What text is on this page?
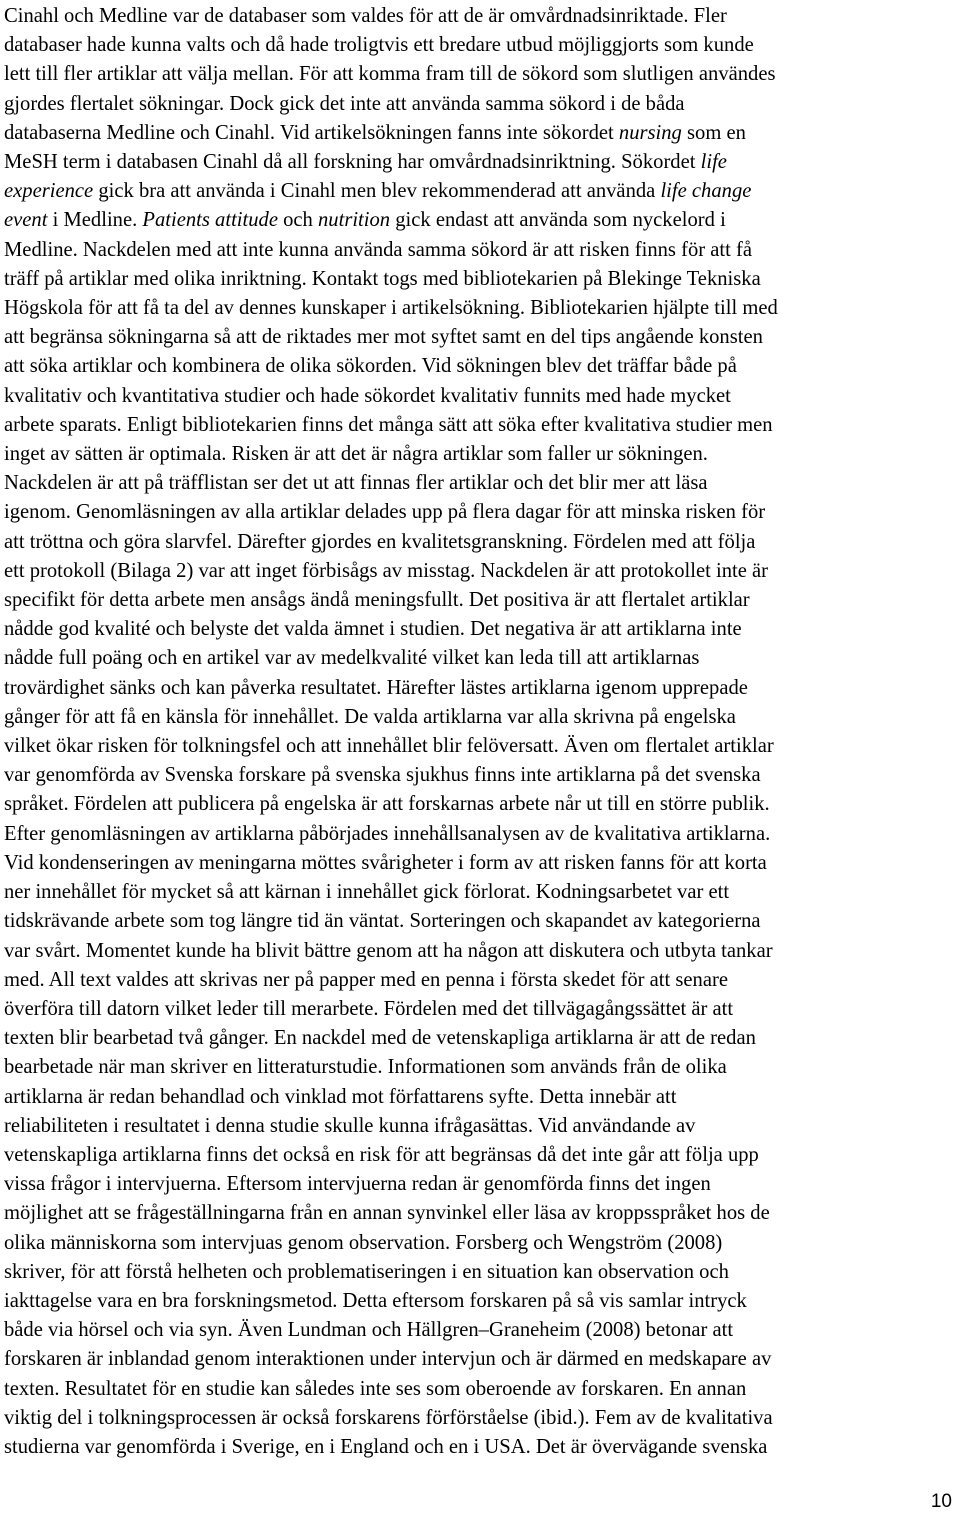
Cinahl och Medline var de databaser som valdes för att de är omvårdnadsinriktade. Fler
databaser hade kunna valts och då hade troligtvis ett bredare utbud möjliggjorts som kunde
lett till fler artiklar att välja mellan. För att komma fram till de sökord som slutligen användes
gjordes flertalet sökningar. Dock gick det inte att använda samma sökord i de båda
databaserna Medline och Cinahl. Vid artikelsökningen fanns inte sökordet nursing som en
MeSH term i databasen Cinahl då all forskning har omvårdnadsinriktning. Sökordet life
experience gick bra att använda i Cinahl men blev rekommenderad att använda life change
event i Medline. Patients attitude och nutrition gick endast att använda som nyckelord i
Medline. Nackdelen med att inte kunna använda samma sökord är att risken finns för att få
träff på artiklar med olika inriktning. Kontakt togs med bibliotekarien på Blekinge Tekniska
Högskola för att få ta del av dennes kunskaper i artikelsökning. Bibliotekarien hjälpte till med
att begränsa sökningarna så att de riktades mer mot syftet samt en del tips angående konsten
att söka artiklar och kombinera de olika sökorden. Vid sökningen blev det träffar både på
kvalitativ och kvantitativa studier och hade sökordet kvalitativ funnits med hade mycket
arbete sparats. Enligt bibliotekarien finns det många sätt att söka efter kvalitativa studier men
inget av sätten är optimala. Risken är att det är några artiklar som faller ur sökningen.
Nackdelen är att på träfflistan ser det ut att finnas fler artiklar och det blir mer att läsa
igenom. Genomläsningen av alla artiklar delades upp på flera dagar för att minska risken för
att tröttna och göra slarvfel. Därefter gjordes en kvalitetsgranskning. Fördelen med att följa
ett protokoll (Bilaga 2) var att inget förbisågs av misstag. Nackdelen är att protokollet inte är
specifikt för detta arbete men ansågs ändå meningsfullt. Det positiva är att flertalet artiklar
nådde god kvalité och belyste det valda ämnet i studien. Det negativa är att artiklarna inte
nådde full poäng och en artikel var av medelkvalité vilket kan leda till att artiklarnas
trovärdighet sänks och kan påverka resultatet. Härefter lästes artiklarna igenom upprepade
gånger för att få en känsla för innehållet. De valda artiklarna var alla skrivna på engelska
vilket ökar risken för tolkningsfel och att innehållet blir felöversatt. Även om flertalet artiklar
var genomförda av Svenska forskare på svenska sjukhus finns inte artiklarna på det svenska
språket. Fördelen att publicera på engelska är att forskarnas arbete når ut till en större publik.
Efter genomläsningen av artiklarna påbörjades innehållsanalysen av de kvalitativa artiklarna.
Vid kondenseringen av meningarna möttes svårigheter i form av att risken fanns för att korta
ner innehållet för mycket så att kärnan i innehållet gick förlorat. Kodningsarbetet var ett
tidskrävande arbete som tog längre tid än väntat. Sorteringen och skapandet av kategorierna
var svårt. Momentet kunde ha blivit bättre genom att ha någon att diskutera och utbyta tankar
med. All text valdes att skrivas ner på papper med en penna i första skedet för att senare
överföra till datorn vilket leder till merarbete. Fördelen med det tillvägagångssättet är att
texten blir bearbetad två gånger. En nackdel med de vetenskapliga artiklarna är att de redan
bearbetade när man skriver en litteraturstudie. Informationen som används från de olika
artiklarna är redan behandlad och vinklad mot författarens syfte. Detta innebär att
reliabiliteten i resultatet i denna studie skulle kunna ifrågasättas. Vid användande av
vetenskapliga artiklarna finns det också en risk för att begränsas då det inte går att följa upp
vissa frågor i intervjuerna. Eftersom intervjuerna redan är genomförda finns det ingen
möjlighet att se frågeställningarna från en annan synvinkel eller läsa av kroppsspråket hos de
olika människorna som intervjuas genom observation. Forsberg och Wengström (2008)
skriver, för att förstå helheten och problematiseringen i en situation kan observation och
iakttagelse vara en bra forskningsmetod. Detta eftersom forskaren på så vis samlar intryck
både via hörsel och via syn. Även Lundman och Hällgren–Graneheim (2008) betonar att
forskaren är inblandad genom interaktionen under intervjun och är därmed en medskapare av
texten. Resultatet för en studie kan således inte ses som oberoende av forskaren. En annan
viktig del i tolkningsprocessen är också forskarens förförståelse (ibid.). Fem av de kvalitativa
studierna var genomförda i Sverige, en i England och en i USA. Det är övervägande svenska

10
